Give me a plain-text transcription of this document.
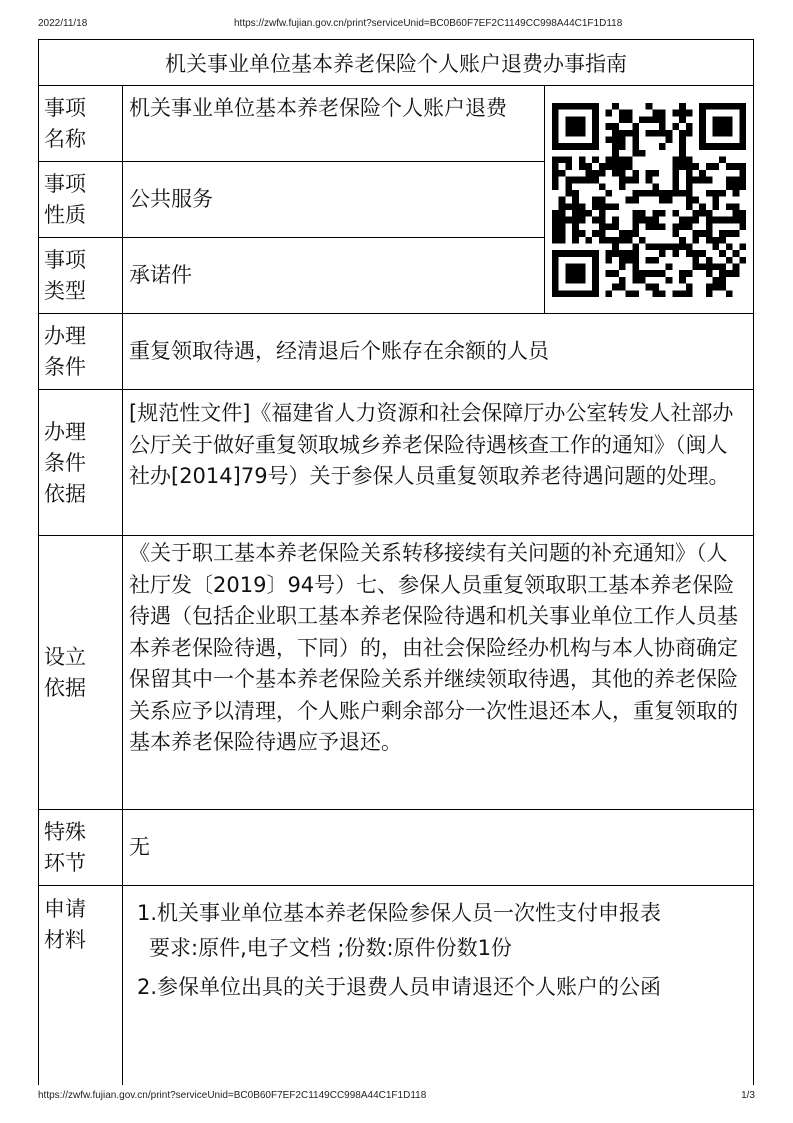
2022/11/18	https://zwfw.fujian.gov.cn/print?serviceUnid=BC0B60F7EF2C1149CC998A44C1F1D118
机关事业单位基本养老保险个人账户退费办事指南
事项名称
机关事业单位基本养老保险个人账户退费
事项性质
公共服务
事项类型
承诺件
办理条件
重复领取待遇，经清退后个账存在余额的人员
办理条件依据
[规范性文件]《福建省人力资源和社会保障厅办公室转发人社部办公厅关于做好重复领取城乡养老保险待遇核查工作的通知》（闽人社办[2014]79号）关于参保人员重复领取养老待遇问题的处理。
设立依据
《关于职工基本养老保险关系转移接续有关问题的补充通知》（人社厅发〔2019〕94号）七、参保人员重复领取职工基本养老保险待遇（包括企业职工基本养老保险待遇和机关事业单位工作人员基本养老保险待遇，下同）的，由社会保险经办机构与本人协商确定保留其中一个基本养老保险关系并继续领取待遇，其他的养老保险关系应予以清理，个人账户剩余部分一次性退还本人，重复领取的基本养老保险待遇应予退还。
特殊环节
无
申请材料
1.机关事业单位基本养老保险参保人员一次性支付申报表
要求:原件,电子文档 ;份数:原件份数1份
2.参保单位出具的关于退费人员申请退还个人账户的公函
https://zwfw.fujian.gov.cn/print?serviceUnid=BC0B60F7EF2C1149CC998A44C1F1D118	1/3
